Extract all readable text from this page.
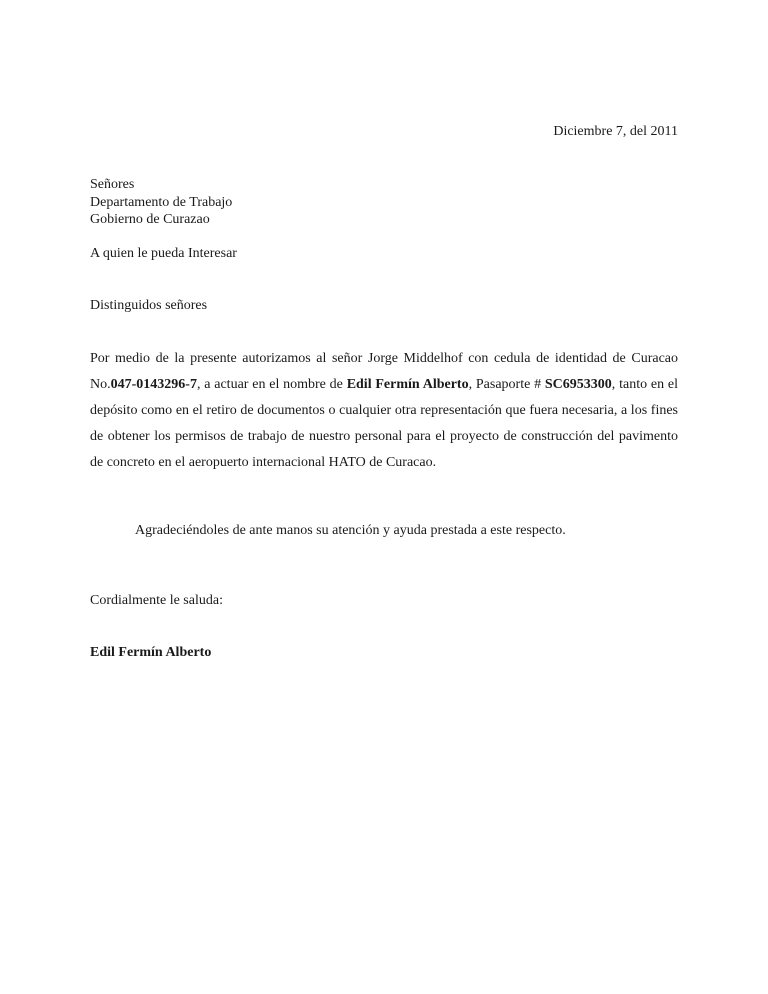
Diciembre 7, del 2011
Señores
Departamento de Trabajo
Gobierno de Curazao
A quien le pueda Interesar
Distinguidos señores

Por medio de la presente autorizamos al señor Jorge Middelhof con cedula de identidad de Curacao No.047-0143296-7, a actuar en el nombre de Edil Fermín Alberto, Pasaporte # SC6953300, tanto en el depósito como en el retiro de documentos o cualquier otra representación que fuera necesaria, a los fines de obtener los permisos de trabajo de nuestro personal para el proyecto de construcción del pavimento de concreto en el aeropuerto internacional HATO de Curacao.

Agradeciéndoles de ante manos su atención y ayuda prestada a este respecto.

Cordialmente le saluda:
Edil Fermín Alberto
